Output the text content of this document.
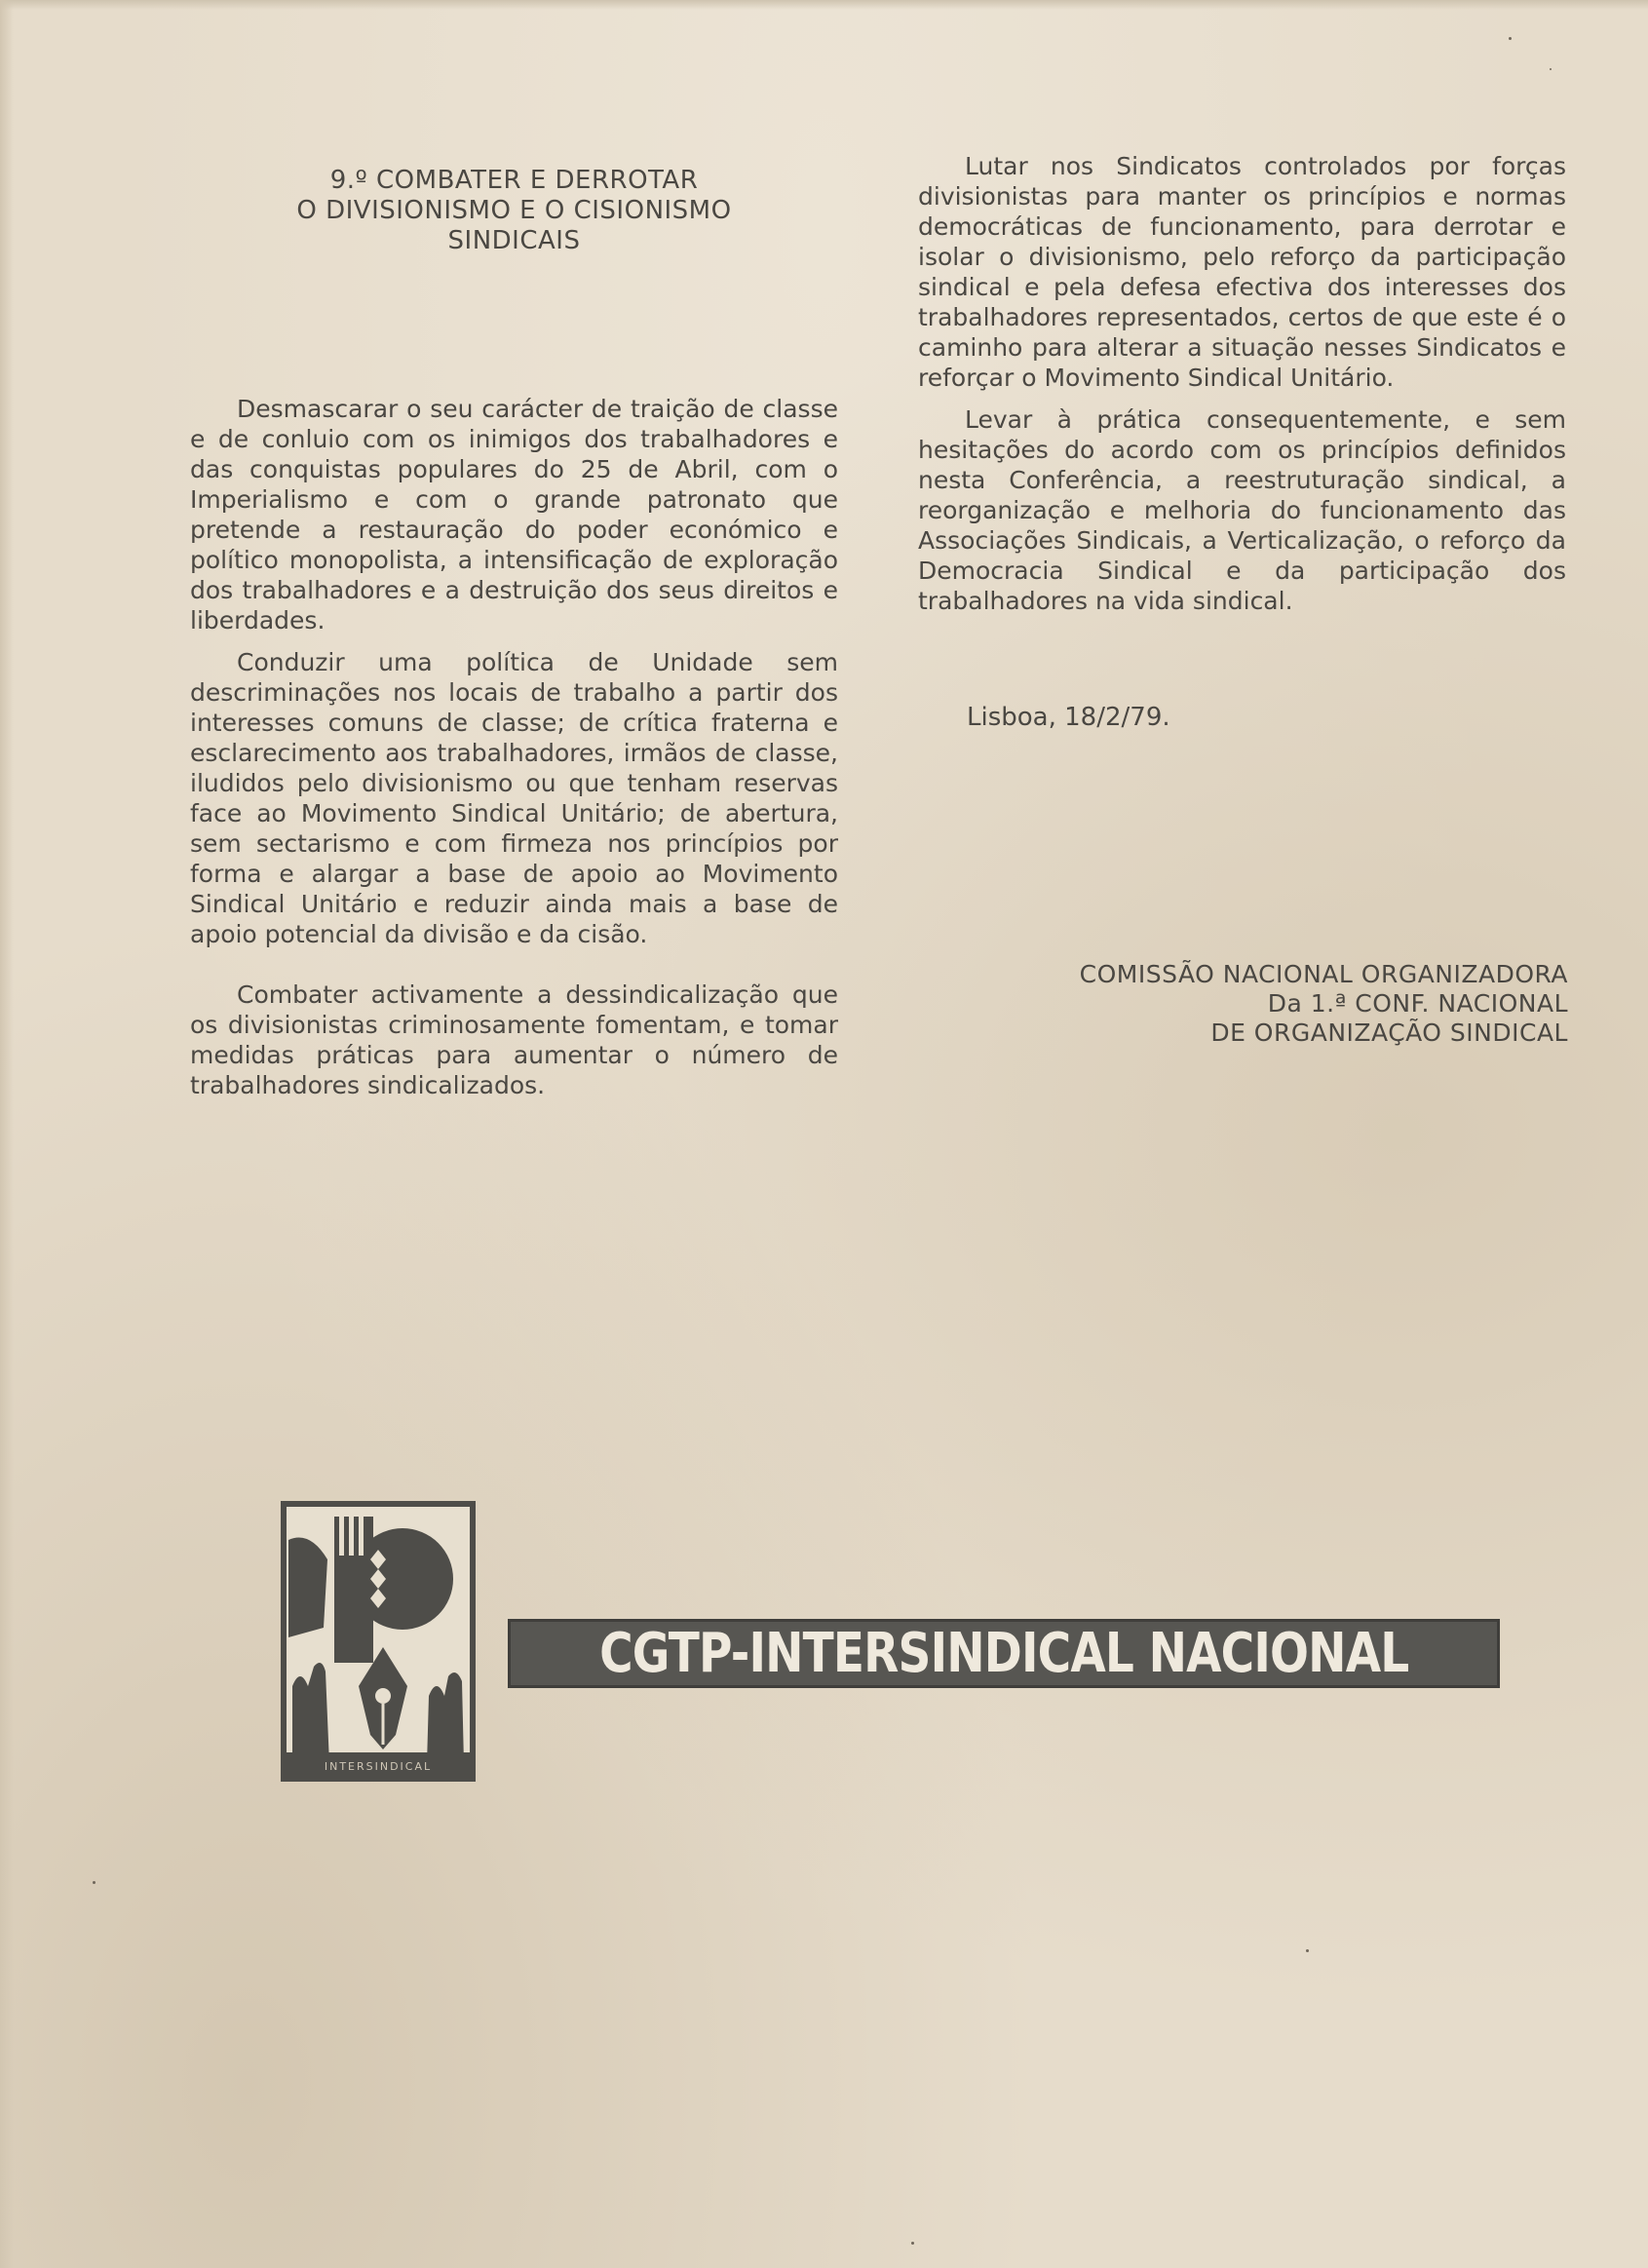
9.º COMBATER E DERROTAR
O DIVISIONISMO E O CISIONISMO
SINDICAIS

Desmascarar o seu carácter de traição de classe e de conluio com os inimigos dos trabalhadores e das conquistas populares do 25 de Abril, com o Imperialismo e com o grande patronato que pretende a restauração do poder económico e político monopolista, a intensificação de exploração dos trabalhadores e a destruição dos seus direitos e liberdades.

Conduzir uma política de Unidade sem descriminações nos locais de trabalho a partir dos interesses comuns de classe; de crítica fraterna e esclarecimento aos trabalhadores, irmãos de classe, iludidos pelo divisionismo ou que tenham reservas face ao Movimento Sindical Unitário; de abertura, sem sectarismo e com firmeza nos princípios por forma e alargar a base de apoio ao Movimento Sindical Unitário e reduzir ainda mais a base de apoio potencial da divisão e da cisão.

Combater activamente a dessindicalização que os divisionistas criminosamente fomentam, e tomar medidas práticas para aumentar o número de trabalhadores sindicalizados.

Lutar nos Sindicatos controlados por forças divisionistas para manter os princípios e normas democráticas de funcionamento, para derrotar e isolar o divisionismo, pelo reforço da participação sindical e pela defesa efectiva dos interesses dos trabalhadores representados, certos de que este é o caminho para alterar a situação nesses Sindicatos e reforçar o Movimento Sindical Unitário.

Levar à prática consequentemente, e sem hesitações do acordo com os princípios definidos nesta Conferência, a reestruturação sindical, a reorganização e melhoria do funcionamento das Associações Sindicais, a Verticalização, o reforço da Democracia Sindical e da participação dos trabalhadores na vida sindical.

Lisboa, 18/2/79.
COMISSÃO NACIONAL ORGANIZADORA
Da 1.ª CONF. NACIONAL
DE ORGANIZAÇÃO SINDICAL
INTERSINDICAL
CGTP-INTERSINDICAL NACIONAL
